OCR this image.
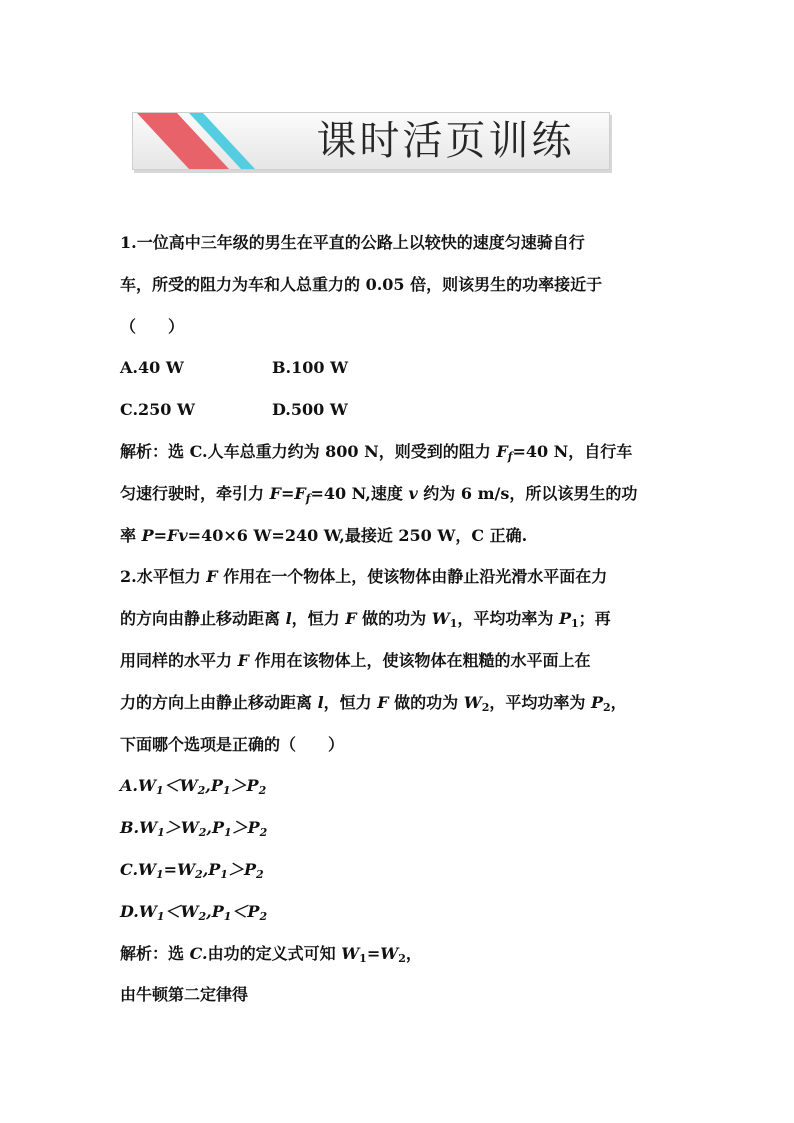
课时活页训练
1.一位高中三年级的男生在平直的公路上以较快的速度匀速骑自行
车，所受的阻力为车和人总重力的 0.05 倍，则该男生的功率接近于
（　　）
A.40 W	B.100 W
C.250 W	D.500 W
解析：选 C.人车总重力约为 800 N，则受到的阻力 $F_f=40$ N，自行车
匀速行驶时，牵引力 $F=F_f=40$ N,速度 v 约为 6 m/s，所以该男生的功
率 P=Fv=40×6 W=240 W,最接近 250 W，C 正确.
2.水平恒力 F 作用在一个物体上，使该物体由静止沿光滑水平面在力
的方向由静止移动距离 l，恒力 F 做的功为 $W_1$，平均功率为 $P_1$；再
用同样的水平力 F 作用在该物体上，使该物体在粗糙的水平面上在
力的方向上由静止移动距离 l，恒力 F 做的功为 $W_2$，平均功率为 $P_2$，
下面哪个选项是正确的（　　）
$A.W_1<W_2,P_1>P_2$
$B.W_1>W_2,P_1>P_2$
$C.W_1=W_2,P_1>P_2$
$D.W_1<W_2,P_1<P_2$
解析：选 C.由功的定义式可知 $W_1=W_2$，
由牛顿第二定律得
